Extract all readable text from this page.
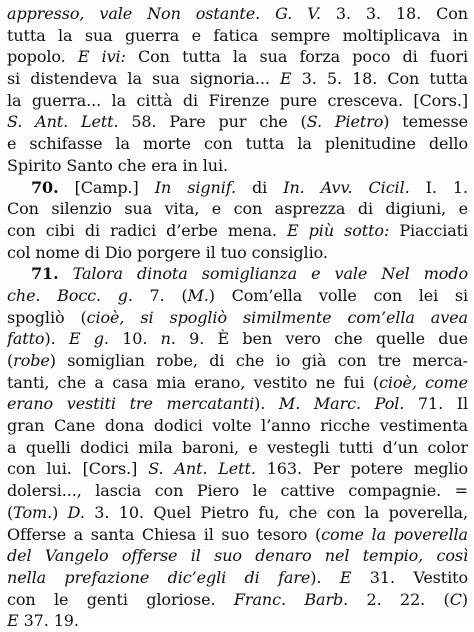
appresso, vale Non ostante. G. V. 3. 3. 18. Con
tutta la sua guerra e fatica sempre moltiplicava in
popolo. E ivi: Con tutta la sua forza poco di fuori
si distendeva la sua signoria... E 3. 5. 18. Con tutta
la guerra... la città di Firenze pure cresceva. [Cors.]
S. Ant. Lett. 58. Pare pur che (S. Pietro) temesse
e schifasse la morte con tutta la plenitudine dello
Spirito Santo che era in lui.
70. [Camp.] In signif. di In. Avv. Cicil. I. 1.
Con silenzio sua vita, e con asprezza di digiuni, e
con cibi di radici d’erbe mena. E più sotto: Piacciati
col nome di Dio porgere il tuo consiglio.
71. Talora dinota somiglianza e vale Nel modo
che. Bocc. g. 7. (M.) Com’ella volle con lei si
spogliò (cioè, si spogliò similmente com’ella avea
fatto). E g. 10. n. 9. È ben vero che quelle due
(robe) somiglian robe, di che io già con tre merca-
tanti, che a casa mia erano, vestito ne fui (cioè, come
erano vestiti tre mercatanti). M. Marc. Pol. 71. Il
gran Cane dona dodici volte l’anno ricche vestimenta
a quelli dodici mila baroni, e vestegli tutti d’un color
con lui. [Cors.] S. Ant. Lett. 163. Per potere meglio
dolersi..., lascia con Piero le cattive compagnie. =
(Tom.) D. 3. 10. Quel Pietro fu, che con la poverella,
Offerse a santa Chiesa il suo tesoro (come la poverella
del Vangelo offerse il suo denaro nel tempio, così
nella prefazione dic’egli di fare). E 31. Vestito
con le genti gloriose. Franc. Barb. 2. 22. (C)
E 37. 19.
